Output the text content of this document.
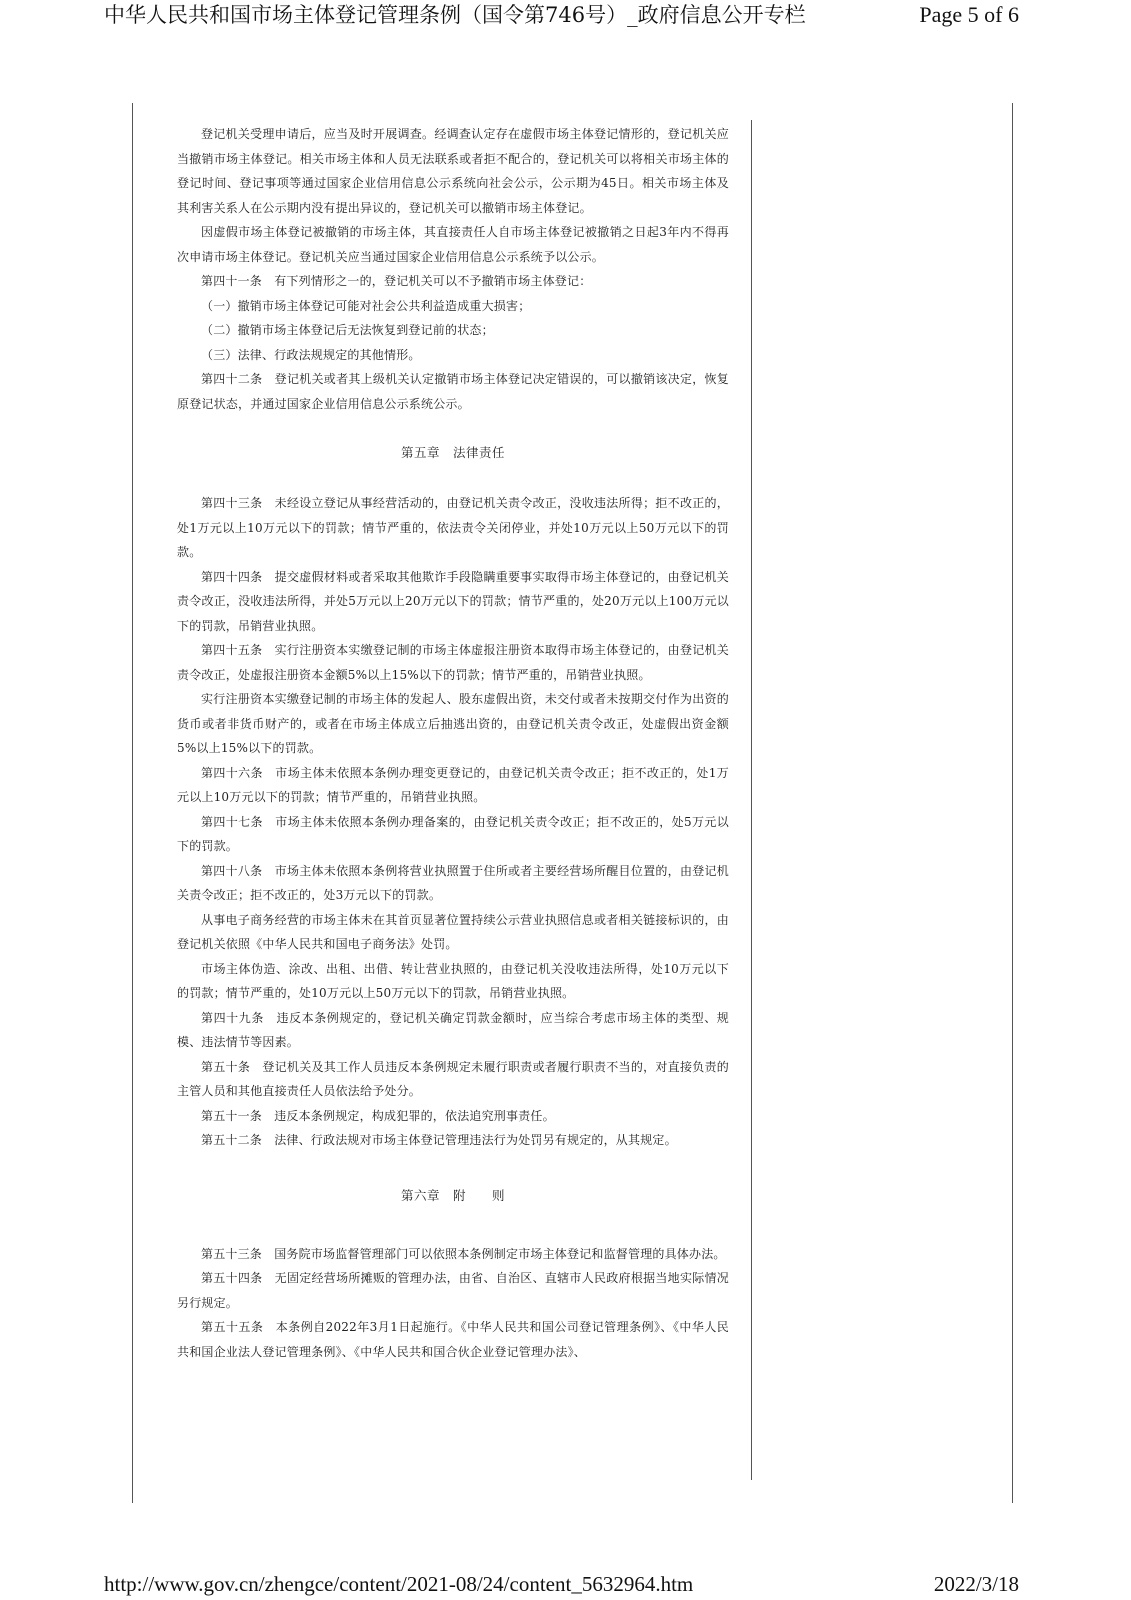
中华人民共和国市场主体登记管理条例（国令第746号）_政府信息公开专栏	Page 5 of 6

登记机关受理申请后，应当及时开展调查。经调查认定存在虚假市场主体登记情形的，登记机关应当撤销市场主体登记。相关市场主体和人员无法联系或者拒不配合的，登记机关可以将相关市场主体的登记时间、登记事项等通过国家企业信用信息公示系统向社会公示，公示期为45日。相关市场主体及其利害关系人在公示期内没有提出异议的，登记机关可以撤销市场主体登记。

因虚假市场主体登记被撤销的市场主体，其直接责任人自市场主体登记被撤销之日起3年内不得再次申请市场主体登记。登记机关应当通过国家企业信用信息公示系统予以公示。

第四十一条　有下列情形之一的，登记机关可以不予撤销市场主体登记：

（一）撤销市场主体登记可能对社会公共利益造成重大损害；

（二）撤销市场主体登记后无法恢复到登记前的状态；

（三）法律、行政法规规定的其他情形。

第四十二条　登记机关或者其上级机关认定撤销市场主体登记决定错误的，可以撤销该决定，恢复原登记状态，并通过国家企业信用信息公示系统公示。

第五章　法律责任

第四十三条　未经设立登记从事经营活动的，由登记机关责令改正，没收违法所得；拒不改正的，处1万元以上10万元以下的罚款；情节严重的，依法责令关闭停业，并处10万元以上50万元以下的罚款。

第四十四条　提交虚假材料或者采取其他欺诈手段隐瞒重要事实取得市场主体登记的，由登记机关责令改正，没收违法所得，并处5万元以上20万元以下的罚款；情节严重的，处20万元以上100万元以下的罚款，吊销营业执照。

第四十五条　实行注册资本实缴登记制的市场主体虚报注册资本取得市场主体登记的，由登记机关责令改正，处虚报注册资本金额5%以上15%以下的罚款；情节严重的，吊销营业执照。

实行注册资本实缴登记制的市场主体的发起人、股东虚假出资，未交付或者未按期交付作为出资的货币或者非货币财产的，或者在市场主体成立后抽逃出资的，由登记机关责令改正，处虚假出资金额5%以上15%以下的罚款。

第四十六条　市场主体未依照本条例办理变更登记的，由登记机关责令改正；拒不改正的，处1万元以上10万元以下的罚款；情节严重的，吊销营业执照。

第四十七条　市场主体未依照本条例办理备案的，由登记机关责令改正；拒不改正的，处5万元以下的罚款。

第四十八条　市场主体未依照本条例将营业执照置于住所或者主要经营场所醒目位置的，由登记机关责令改正；拒不改正的，处3万元以下的罚款。

从事电子商务经营的市场主体未在其首页显著位置持续公示营业执照信息或者相关链接标识的，由登记机关依照《中华人民共和国电子商务法》处罚。

市场主体伪造、涂改、出租、出借、转让营业执照的，由登记机关没收违法所得，处10万元以下的罚款；情节严重的，处10万元以上50万元以下的罚款，吊销营业执照。

第四十九条　违反本条例规定的，登记机关确定罚款金额时，应当综合考虑市场主体的类型、规模、违法情节等因素。

第五十条　登记机关及其工作人员违反本条例规定未履行职责或者履行职责不当的，对直接负责的主管人员和其他直接责任人员依法给予处分。

第五十一条　违反本条例规定，构成犯罪的，依法追究刑事责任。

第五十二条　法律、行政法规对市场主体登记管理违法行为处罚另有规定的，从其规定。

第六章　附　　则

第五十三条　国务院市场监督管理部门可以依照本条例制定市场主体登记和监督管理的具体办法。

第五十四条　无固定经营场所摊贩的管理办法，由省、自治区、直辖市人民政府根据当地实际情况另行规定。

第五十五条　本条例自2022年3月1日起施行。《中华人民共和国公司登记管理条例》、《中华人民共和国企业法人登记管理条例》、《中华人民共和国合伙企业登记管理办法》、

http://www.gov.cn/zhengce/content/2021-08/24/content_5632964.htm	2022/3/18
